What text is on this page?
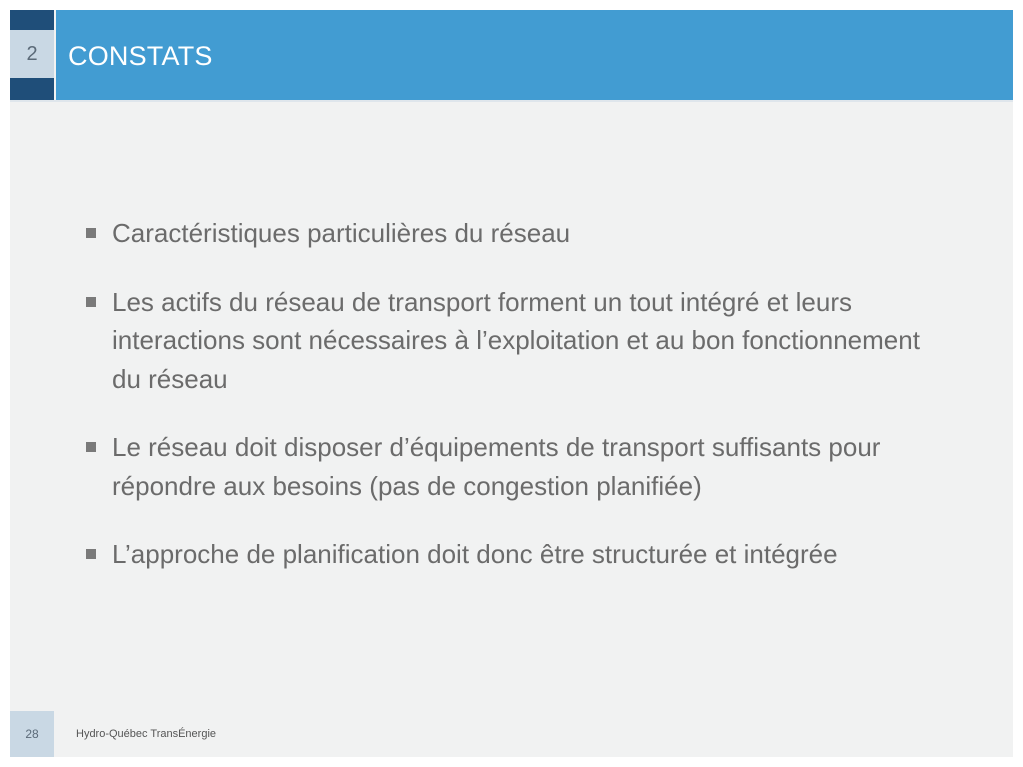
2 CONSTATS
Caractéristiques particulières du réseau
Les actifs du réseau de transport forment un tout intégré et leurs interactions sont nécessaires à l’exploitation et au bon fonctionnement du réseau
Le réseau doit disposer d’équipements de transport suffisants pour répondre aux besoins (pas de congestion planifiée)
L’approche de planification doit donc être structurée et intégrée
28	Hydro-Québec TransÉnergie
